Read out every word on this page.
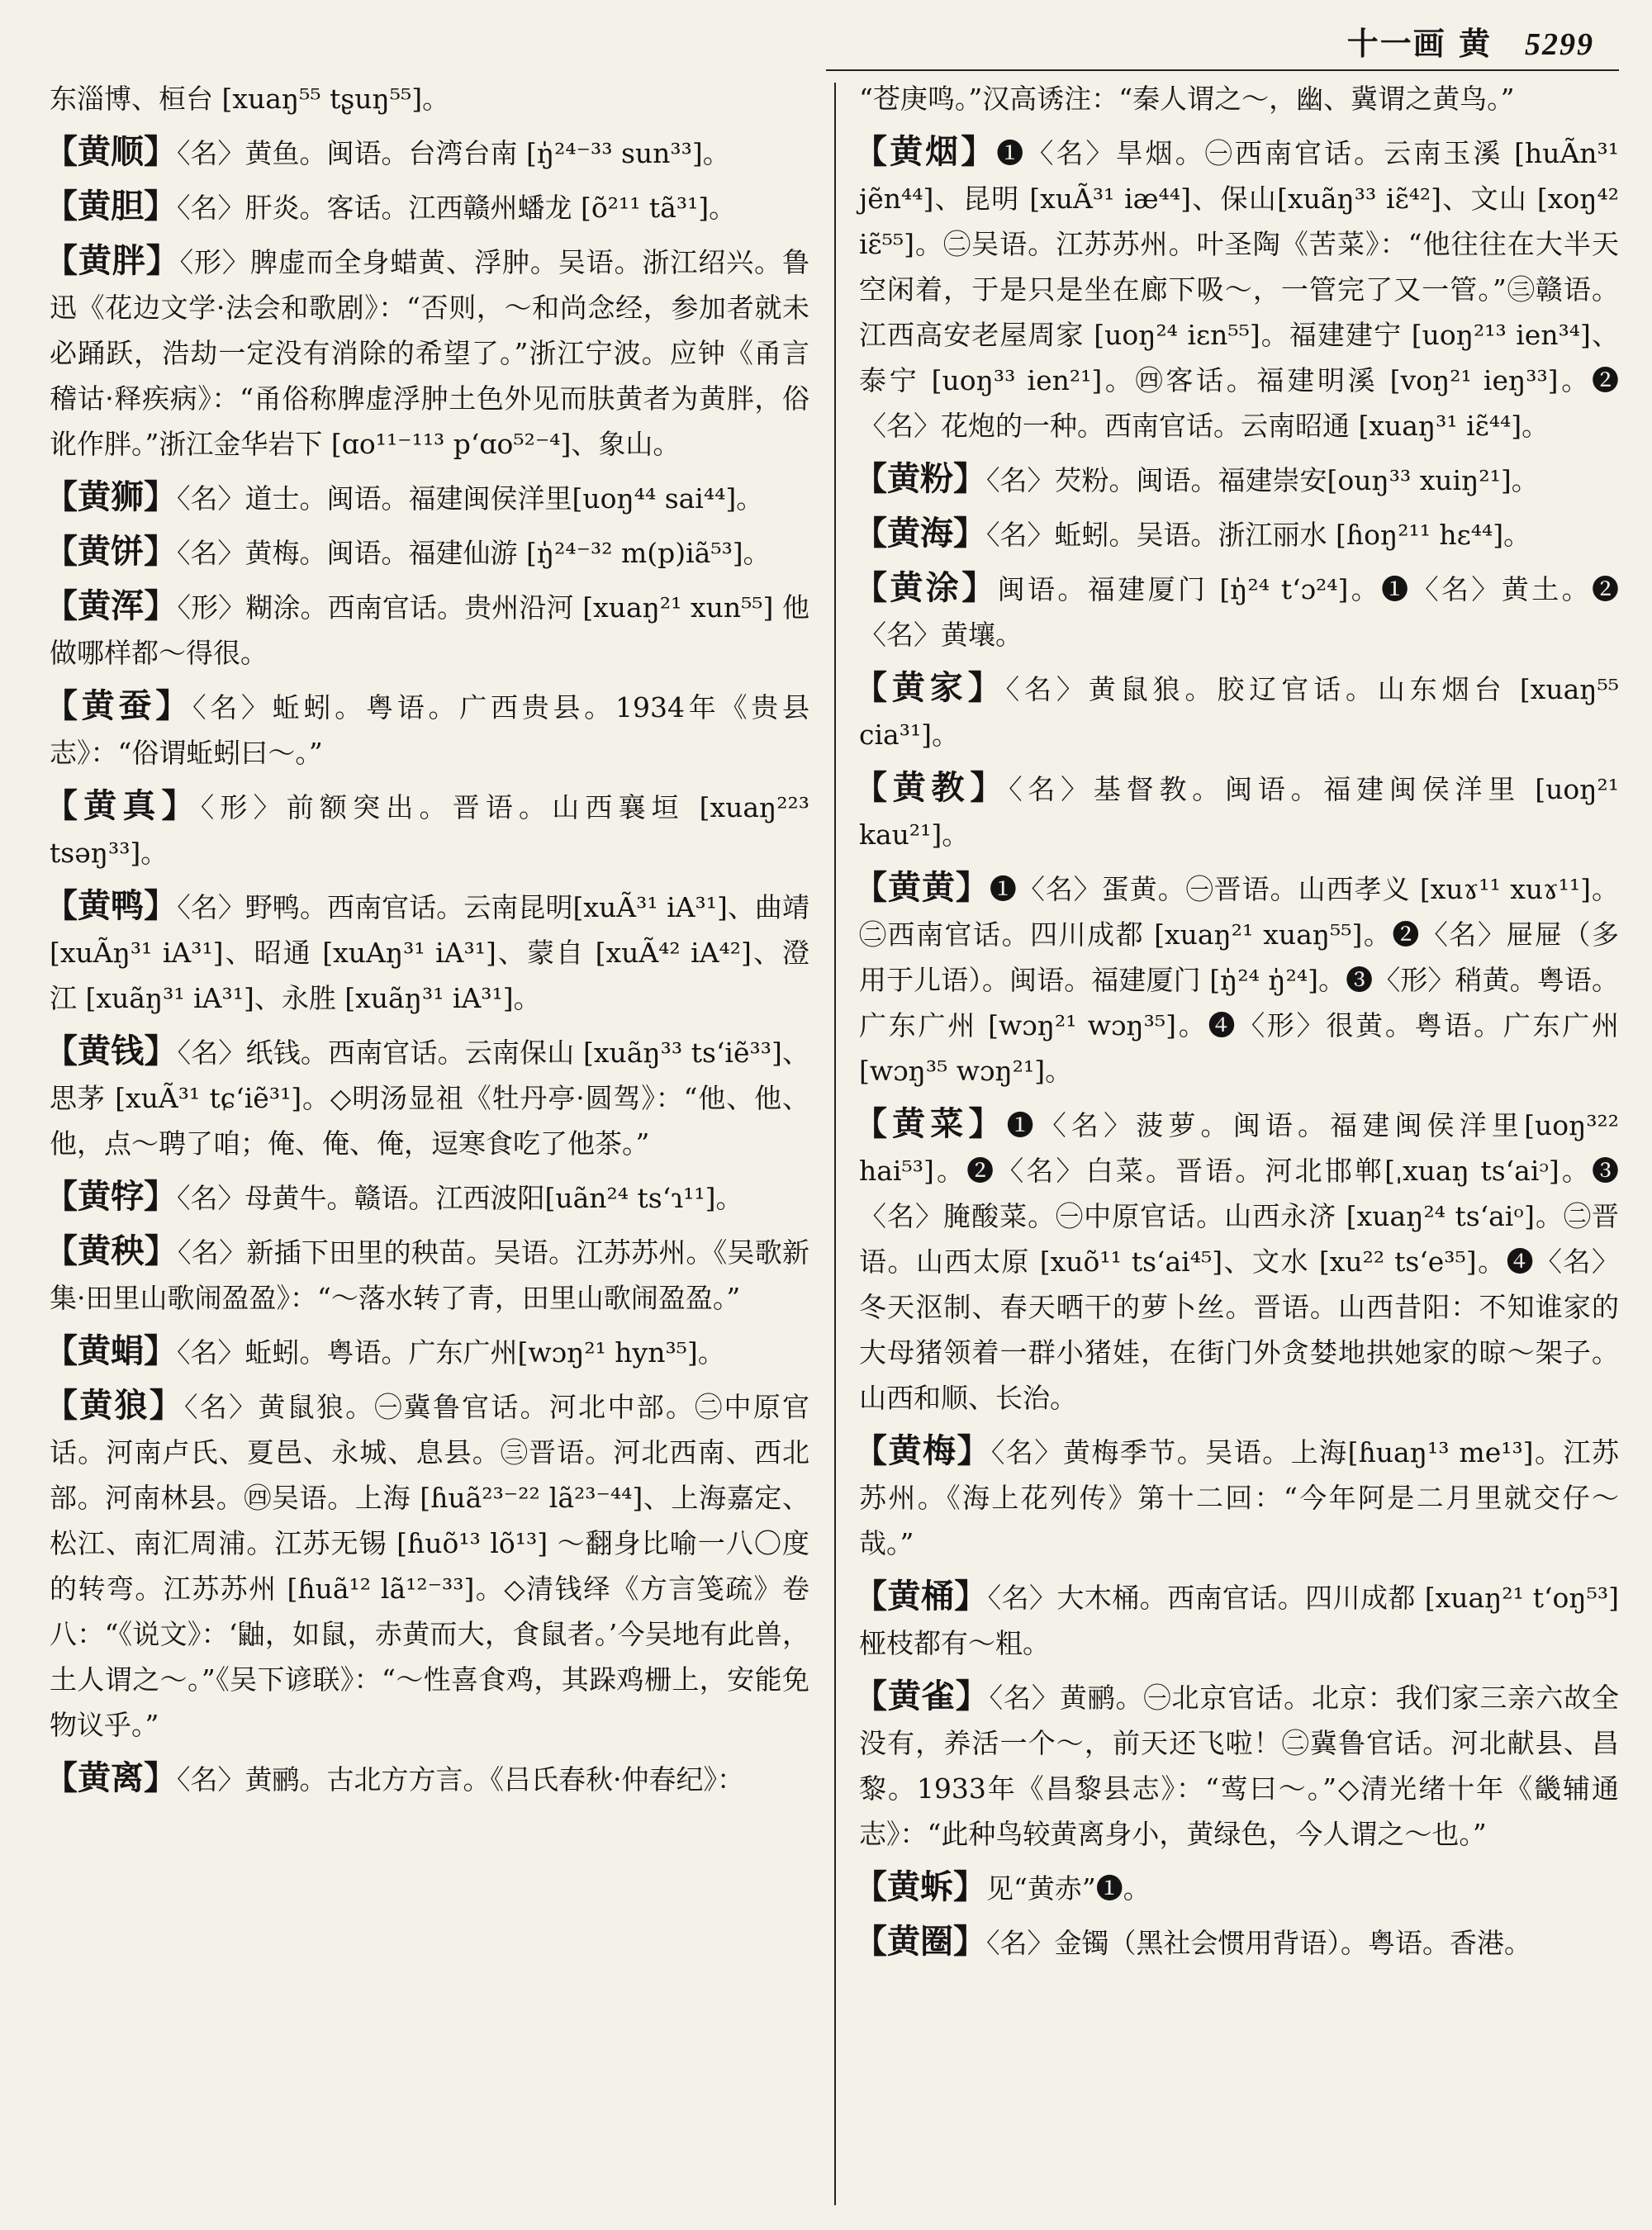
十一画 黄 5299
东淄博、桓台 [xuaŋ⁵⁵ tʂuŋ⁵⁵]。
【黄顺】〈名〉黄鱼。闽语。台湾台南 [ŋ̍²⁴⁻³³ sun³³]。
【黄胆】〈名〉肝炎。客话。江西赣州蟠龙 [õ²¹¹ tã³¹]。
【黄胖】〈形〉脾虚而全身蜡黄、浮肿。吴语。浙江绍兴。鲁迅《花边文学·法会和歌剧》：“否则，～和尚念经，参加者就未必踊跃，浩劫一定没有消除的希望了。”浙江宁波。应钟《甬言稽诂·释疾病》：“甬俗称脾虚浮肿土色外见而肤黄者为黄胖，俗讹作胖。”浙江金华岩下 [ɑo¹¹⁻¹¹³ pʻɑo⁵²⁻⁴]、象山。
【黄狮】〈名〉道士。闽语。福建闽侯洋里[uoŋ⁴⁴ sai⁴⁴]。
【黄饼】〈名〉黄梅。闽语。福建仙游 [ŋ̍²⁴⁻³² m(p)iã⁵³]。
【黄浑】〈形〉糊涂。西南官话。贵州沿河 [xuaŋ²¹ xun⁵⁵] 他做哪样都～得很。
【黄蚕】〈名〉蚯蚓。粤语。广西贵县。1934年《贵县志》：“俗谓蚯蚓曰～。”
【黄真】〈形〉前额突出。晋语。山西襄垣 [xuaŋ²²³ tsəŋ³³]。
【黄鸭】〈名〉野鸭。西南官话。云南昆明[xuÃ³¹ iA³¹]、曲靖 [xuÃŋ³¹ iA³¹]、昭通 [xuAŋ³¹ iA³¹]、蒙自 [xuÃ⁴² iA⁴²]、澄江 [xuãŋ³¹ iA³¹]、永胜 [xuãŋ³¹ iA³¹]。
【黄钱】〈名〉纸钱。西南官话。云南保山 [xuãŋ³³ tsʻiẽ³³]、思茅 [xuÃ³¹ tɕʻiẽ³¹]。◇明汤显祖《牡丹亭·圆驾》：“他、他、他，点～聘了咱；俺、俺、俺，逗寒食吃了他茶。”
【黄牸】〈名〉母黄牛。赣语。江西波阳[uãn²⁴ tsʻɿ¹¹]。
【黄秧】〈名〉新插下田里的秧苗。吴语。江苏苏州。《吴歌新集·田里山歌闹盈盈》：“～落水转了青，田里山歌闹盈盈。”
【黄蜎】〈名〉蚯蚓。粤语。广东广州[wɔŋ²¹ hyn³⁵]。
【黄狼】〈名〉黄鼠狼。㊀冀鲁官话。河北中部。㊁中原官话。河南卢氏、夏邑、永城、息县。㊂晋语。河北西南、西北部。河南林县。㊃吴语。上海 [ɦuã²³⁻²² lã²³⁻⁴⁴]、上海嘉定、松江、南汇周浦。江苏无锡 [ɦuõ¹³ lõ¹³] ～翻身比喻一八〇度的转弯。江苏苏州 [ɦuã¹² lã¹²⁻³³]。◇清钱绎《方言笺疏》卷八：“《说文》：‘鼬，如鼠，赤黄而大，食鼠者。’今吴地有此兽，土人谓之～。”《吴下谚联》：“～性喜食鸡，其跺鸡栅上，安能免物议乎。”
【黄离】〈名〉黄鹂。古北方方言。《吕氏春秋·仲春纪》：
“苍庚鸣。”汉高诱注：“秦人谓之～，幽、冀谓之黄鸟。”
【黄烟】❶〈名〉旱烟。㊀西南官话。云南玉溪 [huÃn³¹ jẽn⁴⁴]、昆明 [xuÃ³¹ iæ⁴⁴]、保山[xuãŋ³³ iɛ̃⁴²]、文山 [xoŋ⁴² iɛ̃⁵⁵]。㊁吴语。江苏苏州。叶圣陶《苦菜》：“他往往在大半天空闲着，于是只是坐在廊下吸～，一管完了又一管。”㊂赣语。江西高安老屋周家 [uoŋ²⁴ iɛn⁵⁵]。福建建宁 [uoŋ²¹³ ien³⁴]、泰宁 [uoŋ³³ ien²¹]。㊃客话。福建明溪 [voŋ²¹ ieŋ³³]。❷〈名〉花炮的一种。西南官话。云南昭通 [xuaŋ³¹ iɛ̃⁴⁴]。
【黄粉】〈名〉芡粉。闽语。福建崇安[ouŋ³³ xuiŋ²¹]。
【黄海】〈名〉蚯蚓。吴语。浙江丽水 [ɦoŋ²¹¹ hɛ⁴⁴]。
【黄涂】闽语。福建厦门 [ŋ̍²⁴ tʻɔ²⁴]。❶〈名〉黄土。❷〈名〉黄壤。
【黄家】〈名〉黄鼠狼。胶辽官话。山东烟台 [xuaŋ⁵⁵ cia³¹]。
【黄教】〈名〉基督教。闽语。福建闽侯洋里 [uoŋ²¹ kau²¹]。
【黄黄】❶〈名〉蛋黄。㊀晋语。山西孝义 [xuɤ¹¹ xuɤ¹¹]。㊁西南官话。四川成都 [xuaŋ²¹ xuaŋ⁵⁵]。❷〈名〉屉屉（多用于儿语）。闽语。福建厦门 [ŋ̍²⁴ ŋ̍²⁴]。❸〈形〉稍黄。粤语。广东广州 [wɔŋ²¹ wɔŋ³⁵]。❹〈形〉很黄。粤语。广东广州 [wɔŋ³⁵ wɔŋ²¹]。
【黄菜】❶〈名〉菠萝。闽语。福建闽侯洋里[uoŋ³²² hai⁵³]。❷〈名〉白菜。晋语。河北邯郸[ˌxuaŋ tsʻaiᵓ]。❸〈名〉腌酸菜。㊀中原官话。山西永济 [xuaŋ²⁴ tsʻaiᵒ]。㊁晋语。山西太原 [xuõ¹¹ tsʻai⁴⁵]、文水 [xu²² tsʻe³⁵]。❹〈名〉冬天沤制、春天晒干的萝卜丝。晋语。山西昔阳：不知谁家的大母猪领着一群小猪娃，在街门外贪婪地拱她家的晾～架子。山西和顺、长治。
【黄梅】〈名〉黄梅季节。吴语。上海[ɦuaŋ¹³ me¹³]。江苏苏州。《海上花列传》第十二回：“今年阿是二月里就交仔～哉。”
【黄桶】〈名〉大木桶。西南官话。四川成都 [xuaŋ²¹ tʻoŋ⁵³] 桠枝都有～粗。
【黄雀】〈名〉黄鹂。㊀北京官话。北京：我们家三亲六故全没有，养活一个～，前天还飞啦！㊁冀鲁官话。河北献县、昌黎。1933年《昌黎县志》：“莺曰～。”◇清光绪十年《畿辅通志》：“此种鸟较黄离身小，黄绿色，今人谓之～也。”
【黄蚸】见“黄赤”❶。
【黄圈】〈名〉金镯（黑社会惯用背语）。粤语。香港。
